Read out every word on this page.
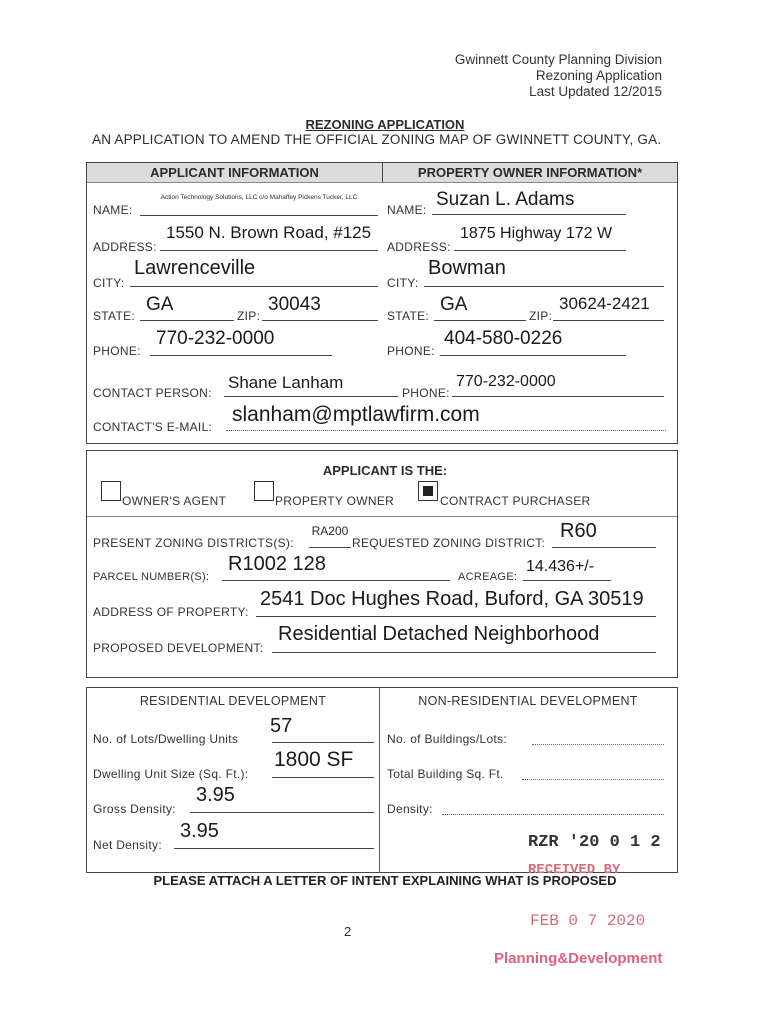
Gwinnett County Planning Division
Rezoning Application
Last Updated 12/2015
REZONING APPLICATION
AN APPLICATION TO AMEND THE OFFICIAL ZONING MAP OF GWINNETT COUNTY, GA.
APPLICANT INFORMATION	PROPERTY OWNER INFORMATION*
NAME:
Action Technology Solutions, LLC c/o Mahaffey Pickens Tucker, LLC
ADDRESS:
1550 N. Brown Road, #125
CITY:
Lawrenceville
STATE:
GA
ZIP:
30043
PHONE:
770-232-0000
NAME: Suzan L. Adams
ADDRESS:
1875 Highway 172 W
CITY:
Bowman
STATE:
GA
ZIP:
30624-2421
PHONE:
404-580-0226
CONTACT PERSON:
Shane Lanham
PHONE:
770-232-0000
CONTACT'S E-MAIL:
slanham@mptlawfirm.com
APPLICANT IS THE:
OWNER'S AGENT	PROPERTY OWNER	CONTRACT PURCHASER
PRESENT ZONING DISTRICTS(S):
RA200
REQUESTED ZONING DISTRICT:
R60
PARCEL NUMBER(S):
R1002 128
ACREAGE:
14.436+/-
ADDRESS OF PROPERTY:
2541 Doc Hughes Road, Buford, GA 30519
PROPOSED DEVELOPMENT:
Residential Detached Neighborhood
RESIDENTIAL DEVELOPMENT	NON-RESIDENTIAL DEVELOPMENT
No. of Lots/Dwelling Units
57
Dwelling Unit Size (Sq. Ft.):
1800 SF
Gross Density:
3.95
Net Density:
3.95
No. of Buildings/Lots:
Total Building Sq. Ft.
Density:
RZR '20 0 1 2
RECEIVED BY
PLEASE ATTACH A LETTER OF INTENT EXPLAINING WHAT IS PROPOSED
FEB 0 7 2020
2
Planning&Development
